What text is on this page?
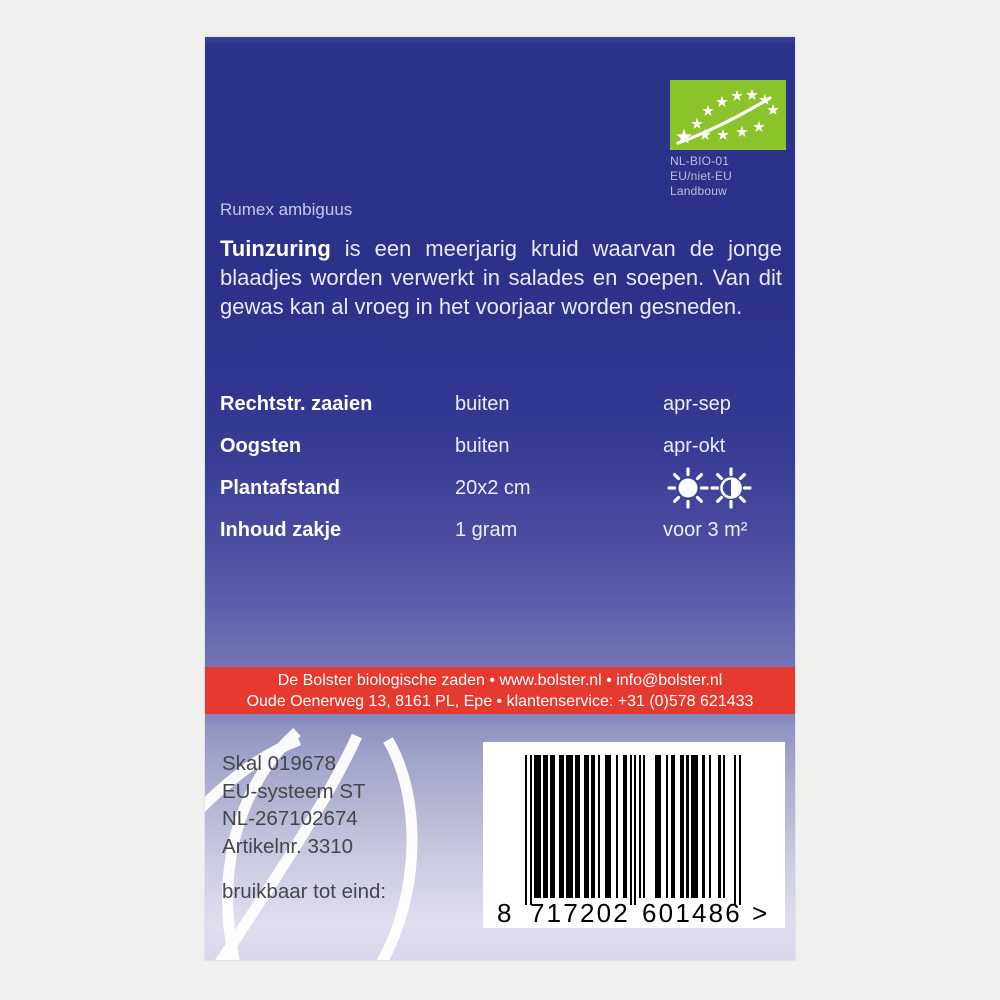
NL-BIO-01
EU/niet-EU Landbouw
Rumex ambiguus

Tuinzuring is een meerjarig kruid waarvan de jonge blaadjes worden verwerkt in salades en soepen. Van dit gewas kan al vroeg in het voorjaar worden gesneden.

Rechtstr. zaaien	buiten	apr-sep
Oogsten	buiten	apr-okt
Plantafstand	20x2 cm
Inhoud zakje	1 gram	voor 3 m²
De Bolster biologische zaden • www.bolster.nl • info@bolster.nl
Oude Oenerweg 13, 8161 PL, Epe • klantenservice: +31 (0)578 621433
Skal 019678
EU-systeem ST
NL-267102674
Artikelnr. 3310
bruikbaar tot eind:
8 717202 601486 >
